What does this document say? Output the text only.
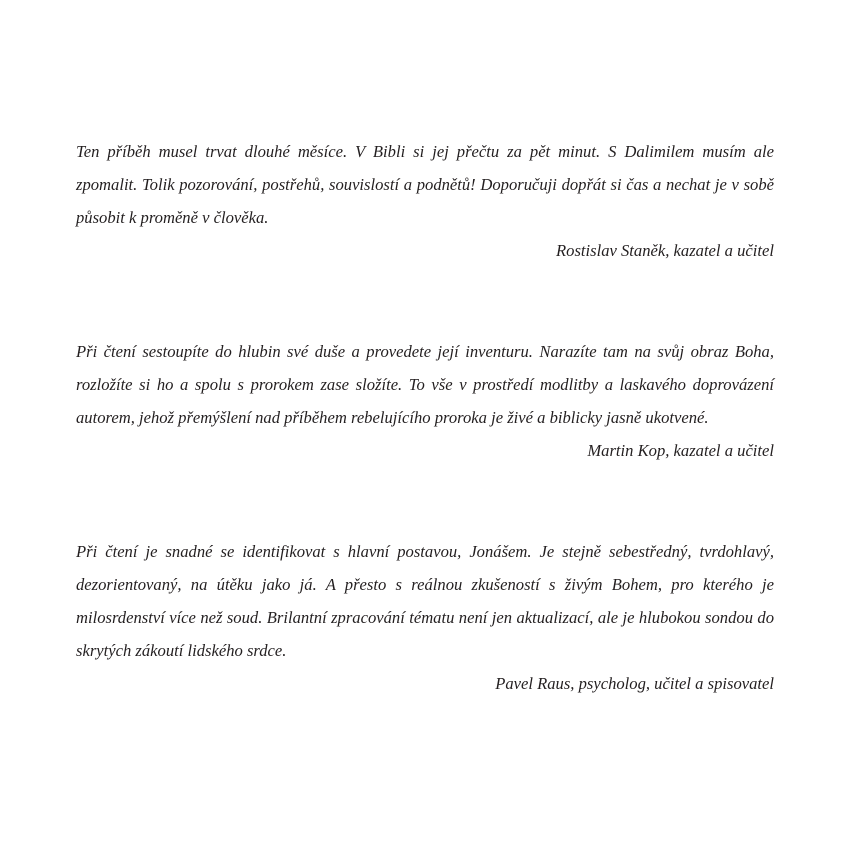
Ten příběh musel trvat dlouhé měsíce. V Bibli si jej přečtu za pět minut. S Dalimilem musím ale zpomalit. Tolik pozorování, postřehů, souvislostí a podnětů! Doporučuji dopřát si čas a nechat je v sobě působit k proměně v člověka.

Rostislav Staněk, kazatel a učitel

Při čtení sestoupíte do hlubin své duše a provedete její inventuru. Narazíte tam na svůj obraz Boha, rozložíte si ho a spolu s prorokem zase složíte. To vše v prostředí modlitby a laskavého doprovázení autorem, jehož přemýšlení nad příběhem rebelujícího proroka je živé a biblicky jasně ukotvené.

Martin Kop, kazatel a učitel

Při čtení je snadné se identifikovat s hlavní postavou, Jonášem. Je stejně sebestředný, tvrdohlavý, dezorientovaný, na útěku jako já. A přesto s reálnou zkušeností s živým Bohem, pro kterého je milosrdenství více než soud. Brilantní zpracování tématu není jen aktualizací, ale je hlubokou sondou do skrytých zákoutí lidského srdce.

Pavel Raus, psycholog, učitel a spisovatel
